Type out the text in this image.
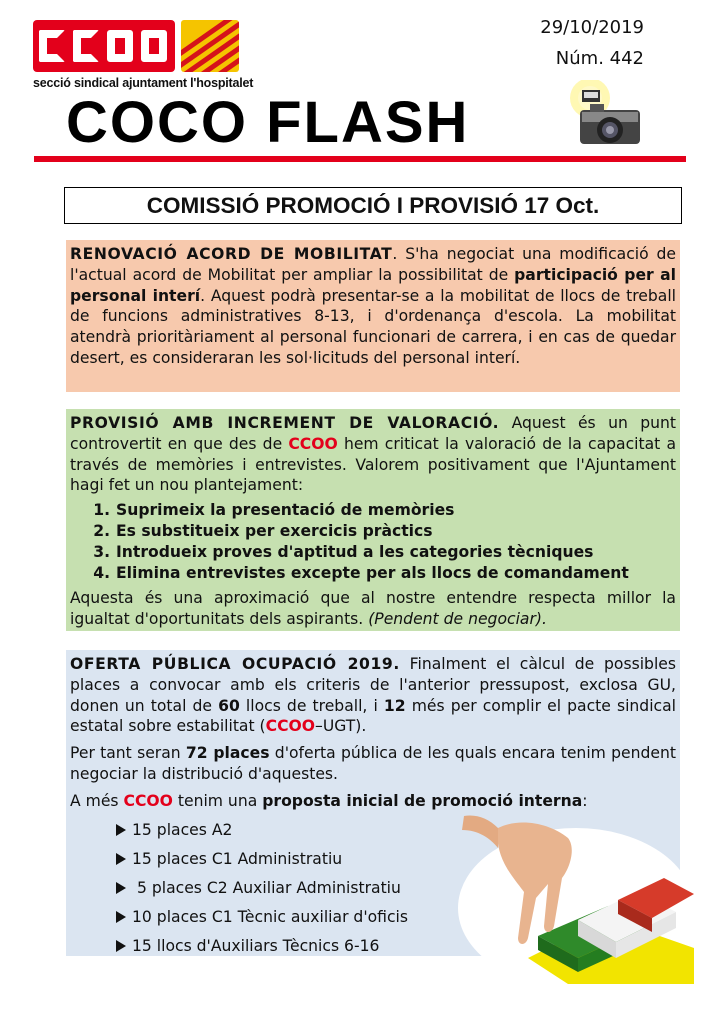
secció sindical ajuntament l'hospitalet
29/10/2019
Núm. 442
COCO FLASH
COMISSIÓ PROMOCIÓ I PROVISIÓ 17 Oct.

RENOVACIÓ ACORD DE MOBILITAT. S'ha negociat una modificació de l'actual acord de Mobilitat per ampliar la possibilitat de participació per al personal interí. Aquest podrà presentar-se a la mobilitat de llocs de treball de funcions administratives 8-13, i d'ordenança d'escola. La mobilitat atendrà prioritàriament al personal funcionari de carrera, i en cas de quedar desert, es consideraran les sol·licituds del personal interí.

PROVISIÓ AMB INCREMENT DE VALORACIÓ. Aquest és un punt controvertit en que des de CCOO hem criticat la valoració de la capacitat a través de memòries i entrevistes. Valorem positivament que l'Ajuntament hagi fet un nou plantejament:

1. Suprimeix la presentació de memòries
2. Es substitueix per exercicis pràctics
3. Introdueix proves d'aptitud a les categories tècniques
4. Elimina entrevistes excepte per als llocs de comandament

Aquesta és una aproximació que al nostre entendre respecta millor la igualtat d'oportunitats dels aspirants. (Pendent de negociar).

OFERTA PÚBLICA OCUPACIÓ 2019. Finalment el càlcul de possibles places a convocar amb els criteris de l'anterior pressupost, exclosa GU, donen un total de 60 llocs de treball, i 12 més per complir el pacte sindical estatal sobre estabilitat (CCOO–UGT).

Per tant seran 72 places d'oferta pública de les quals encara tenim pendent negociar la distribució d'aquestes.

A més CCOO tenim una proposta inicial de promoció interna:

15 places A2
15 places C1 Administratiu
5 places C2 Auxiliar Administratiu
10 places C1 Tècnic auxiliar d'oficis
15 llocs d'Auxiliars Tècnics 6-16
